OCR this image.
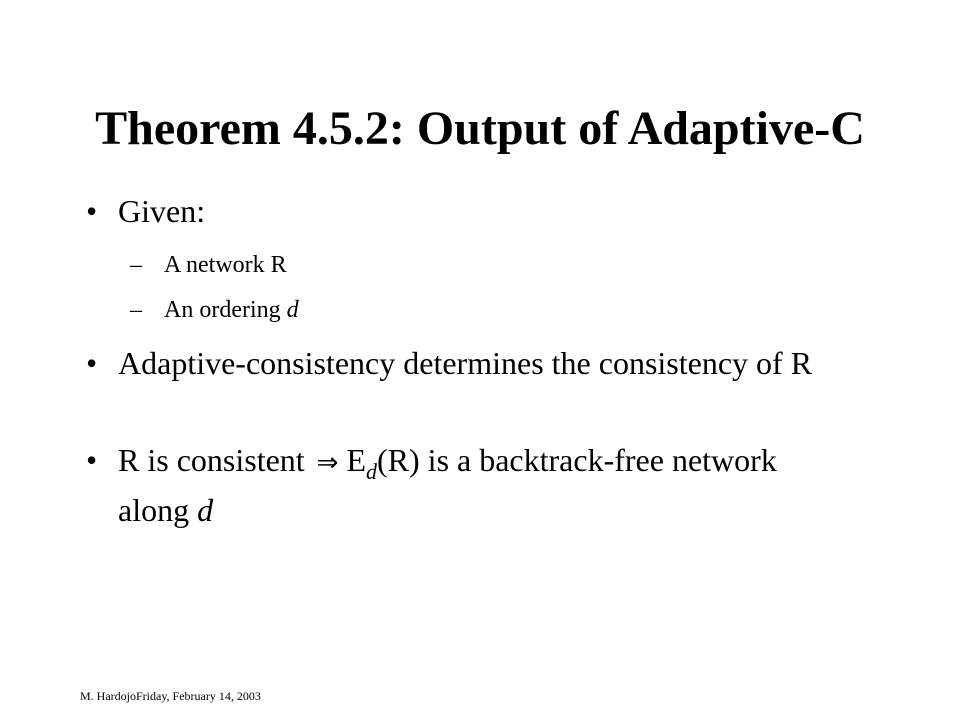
Theorem 4.5.2: Output of Adaptive-C
• Given:
– A network R
– An ordering d
• Adaptive-consistency determines the consistency of R
• R is consistent ⇒ $E_d(R)$ is a backtrack-free network along d
M. HardojoFriday, February 14, 2003
